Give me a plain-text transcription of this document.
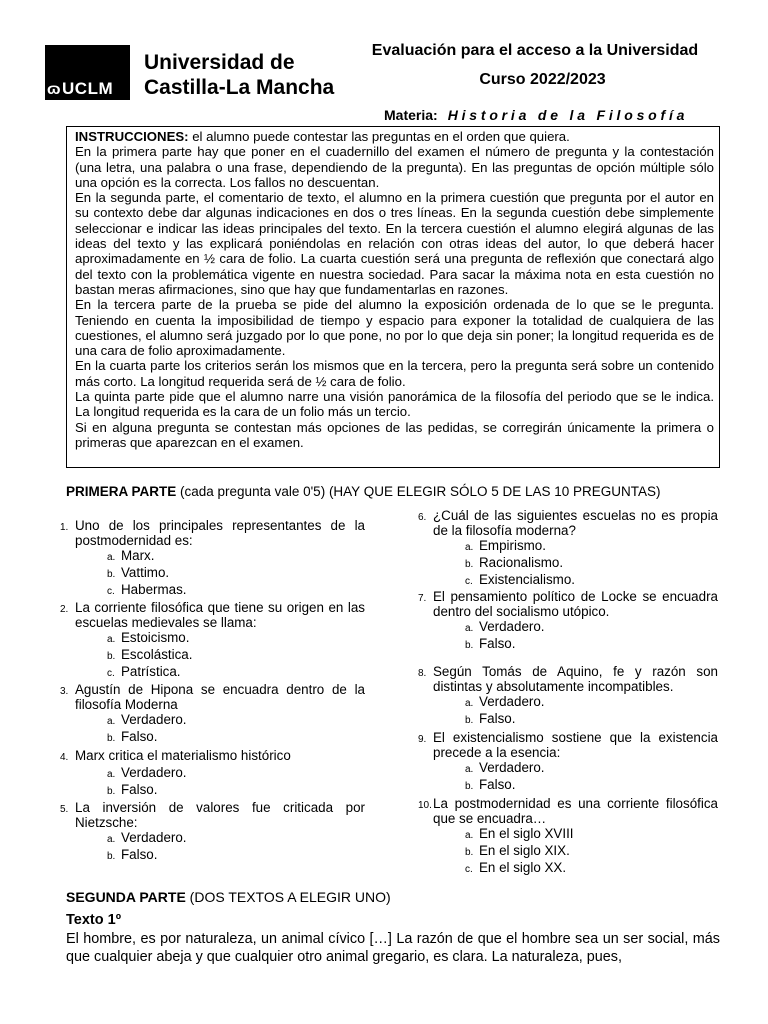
ɷUCLM
Universidad de
Castilla-La Mancha
Evaluación para el acceso a la Universidad
Curso 2022/2023
Materia: Historia de la Filosofía

INSTRUCCIONES: el alumno puede contestar las preguntas en el orden que quiera.

En la primera parte hay que poner en el cuadernillo del examen el número de pregunta y la contestación (una letra, una palabra o una frase, dependiendo de la pregunta). En las preguntas de opción múltiple sólo una opción es la correcta. Los fallos no descuentan.

En la segunda parte, el comentario de texto, el alumno en la primera cuestión que pregunta por el autor en su contexto debe dar algunas indicaciones en dos o tres líneas. En la segunda cuestión debe simplemente seleccionar e indicar las ideas principales del texto. En la tercera cuestión el alumno elegirá algunas de las ideas del texto y las explicará poniéndolas en relación con otras ideas del autor, lo que deberá hacer aproximadamente en ½ cara de folio. La cuarta cuestión será una pregunta de reflexión que conectará algo del texto con la problemática vigente en nuestra sociedad. Para sacar la máxima nota en esta cuestión no bastan meras afirmaciones, sino que hay que fundamentarlas en razones.

En la tercera parte de la prueba se pide del alumno la exposición ordenada de lo que se le pregunta. Teniendo en cuenta la imposibilidad de tiempo y espacio para exponer la totalidad de cualquiera de las cuestiones, el alumno será juzgado por lo que pone, no por lo que deja sin poner; la longitud requerida es de una cara de folio aproximadamente.

En la cuarta parte los criterios serán los mismos que en la tercera, pero la pregunta será sobre un contenido más corto. La longitud requerida será de ½ cara de folio.

La quinta parte pide que el alumno narre una visión panorámica de la filosofía del periodo que se le indica. La longitud requerida es la cara de un folio más un tercio.

Si en alguna pregunta se contestan más opciones de las pedidas, se corregirán únicamente la primera o primeras que aparezcan en el examen.

PRIMERA PARTE (cada pregunta vale 0'5) (HAY QUE ELEGIR SÓLO 5 DE LAS 10 PREGUNTAS)
1. Uno de los principales representantes de la postmodernidad es:
a. Marx.
b. Vattimo.
c. Habermas.
2. La corriente filosófica que tiene su origen en las escuelas medievales se llama:
a. Estoicismo.
b. Escolástica.
c. Patrística.
3. Agustín de Hipona se encuadra dentro de la filosofía Moderna
a. Verdadero.
b. Falso.
4. Marx critica el materialismo histórico
a. Verdadero.
b. Falso.
5. La inversión de valores fue criticada por Nietzsche:
a. Verdadero.
b. Falso.
6. ¿Cuál de las siguientes escuelas no es propia de la filosofía moderna?
a. Empirismo.
b. Racionalismo.
c. Existencialismo.
7. El pensamiento político de Locke se encuadra dentro del socialismo utópico.
a. Verdadero.
b. Falso.
8. Según Tomás de Aquino, fe y razón son distintas y absolutamente incompatibles.
a. Verdadero.
b. Falso.
9. El existencialismo sostiene que la existencia precede a la esencia:
a. Verdadero.
b. Falso.
10. La postmodernidad es una corriente filosófica que se encuadra…
a. En el siglo XVIII
b. En el siglo XIX.
c. En el siglo XX.
SEGUNDA PARTE (DOS TEXTOS A ELEGIR UNO)
Texto 1º
El hombre, es por naturaleza, un animal cívico […] La razón de que el hombre sea un ser social, más que cualquier abeja y que cualquier otro animal gregario, es clara. La naturaleza, pues,
